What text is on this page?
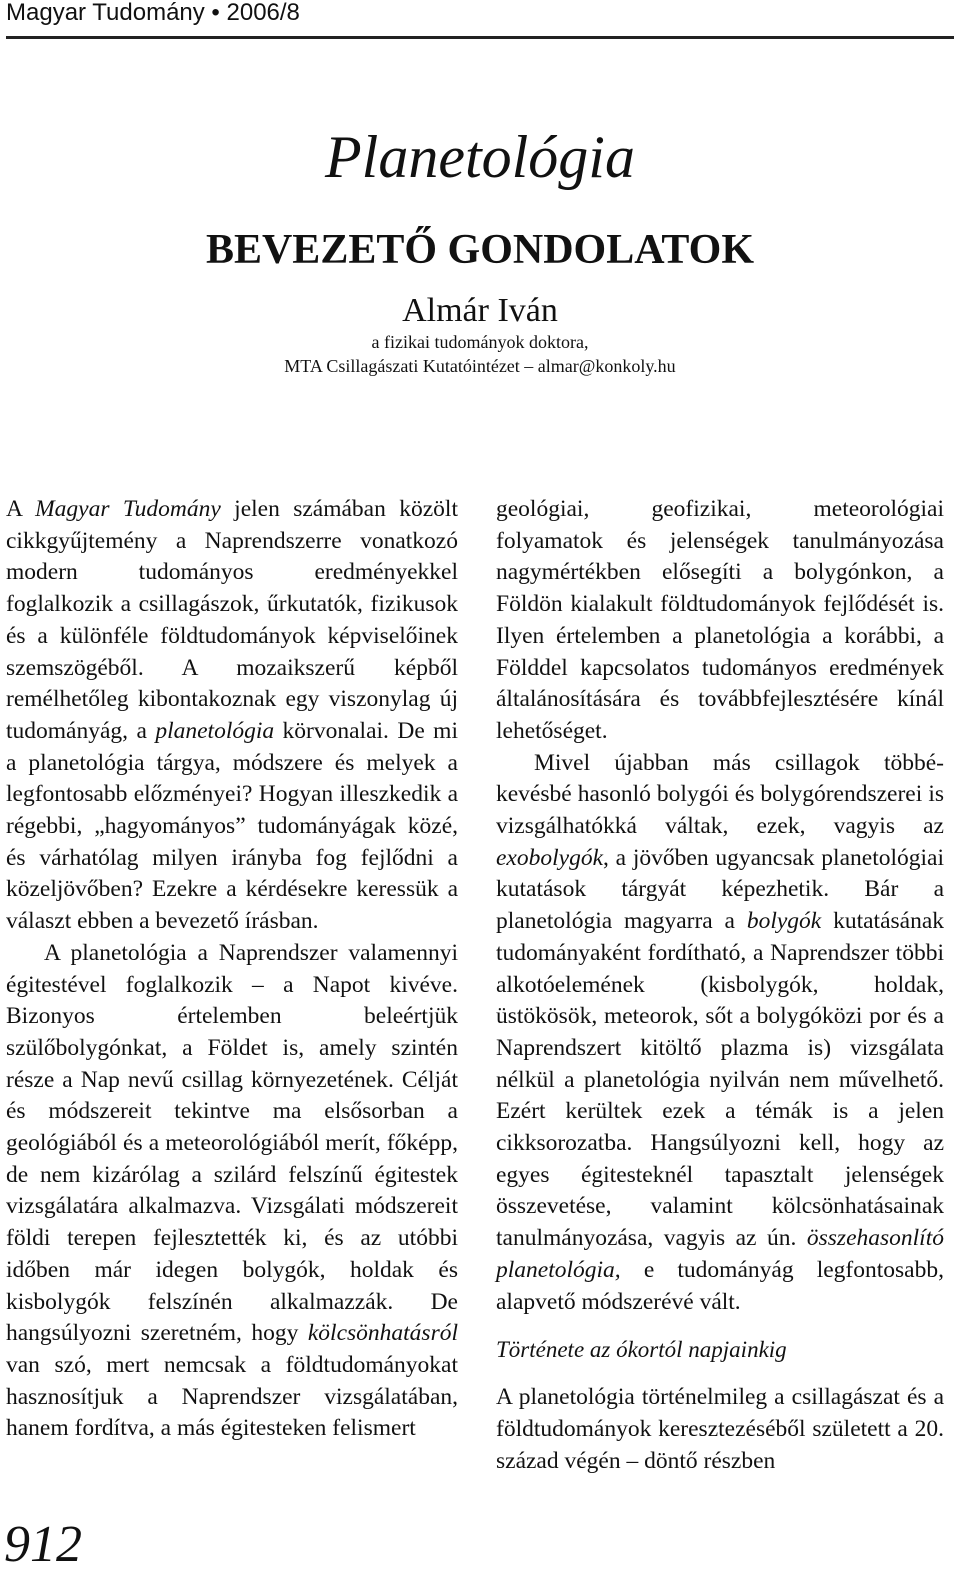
Magyar Tudomány • 2006/8
Planetológia
BEVEZETŐ GONDOLATOK
Almár Iván
a fizikai tudományok doktora,
MTA Csillagászati Kutatóintézet – almar@konkoly.hu

A Magyar Tudomány jelen számában közölt cikkgyűjtemény a Naprendszerre vonatkozó modern tudományos eredményekkel foglalkozik a csillagászok, űrkutatók, fizikusok és a különféle földtudományok képviselőinek szemszögéből. A mozaikszerű képből remélhetőleg kibontakoznak egy viszonylag új tudományág, a planetológia körvonalai. De mi a planetológia tárgya, módszere és melyek a legfontosabb előzményei? Hogyan illeszkedik a régebbi, „hagyományos” tudományágak közé, és várhatólag milyen irányba fog fejlődni a közeljövőben? Ezekre a kérdésekre keressük a választ ebben a bevezető írásban.

A planetológia a Naprendszer valamennyi égitestével foglalkozik – a Napot kivéve. Bizonyos értelemben beleértjük szülőbolygónkat, a Földet is, amely szintén része a Nap nevű csillag környezetének. Célját és módszereit tekintve ma elsősorban a geológiából és a meteorológiából merít, főképp, de nem kizárólag a szilárd felszínű égitestek vizsgálatára alkalmazva. Vizsgálati módszereit földi terepen fejlesztették ki, és az utóbbi időben már idegen bolygók, holdak és kisbolygók felszínén alkalmazzák. De hangsúlyozni szeretném, hogy kölcsönhatásról van szó, mert nemcsak a földtudományokat hasznosítjuk a Naprendszer vizsgálatában, hanem fordítva, a más égitesteken felismert

geológiai, geofizikai, meteorológiai folyamatok és jelenségek tanulmányozása nagymértékben elősegíti a bolygónkon, a Földön kialakult földtudományok fejlődését is. Ilyen értelemben a planetológia a korábbi, a Földdel kapcsolatos tudományos eredmények általánosítására és továbbfejlesztésére kínál lehetőséget.

Mivel újabban más csillagok többé-kevésbé hasonló bolygói és bolygórendszerei is vizsgálhatókká váltak, ezek, vagyis az exobolygók, a jövőben ugyancsak planetológiai kutatások tárgyát képezhetik. Bár a planetológia magyarra a bolygók kutatásának tudományaként fordítható, a Naprendszer többi alkotóelemének (kisbolygók, holdak, üstökösök, meteorok, sőt a bolygóközi por és a Naprendszert kitöltő plazma is) vizsgálata nélkül a planetológia nyilván nem művelhető. Ezért kerültek ezek a témák is a jelen cikksorozatba. Hangsúlyozni kell, hogy az egyes égitesteknél tapasztalt jelenségek összevetése, valamint kölcsönhatásainak tanulmányozása, vagyis az ún. összehasonlító planetológia, e tudományág legfontosabb, alapvető módszerévé vált.

Története az ókortól napjainkig

A planetológia történelmileg a csillagászat és a földtudományok keresztezéséből született a 20. század végén – döntő részben

912
